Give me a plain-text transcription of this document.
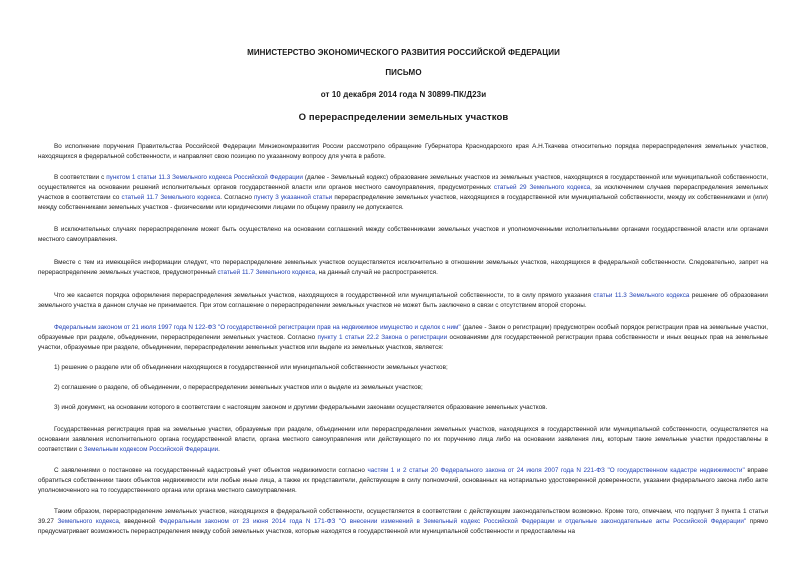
МИНИСТЕРСТВО ЭКОНОМИЧЕСКОГО РАЗВИТИЯ РОССИЙСКОЙ ФЕДЕРАЦИИ
ПИСЬМО
от 10 декабря 2014 года N 30899-ПК/Д23и
О перераспределении земельных участков

Во исполнение поручения Правительства Российской Федерации Минэкономразвития России рассмотрело обращение Губернатора Краснодарского края А.Н.Ткачева относительно порядка перераспределения земельных участков, находящихся в федеральной собственности, и направляет свою позицию по указанному вопросу для учета в работе.

В соответствии с пунктом 1 статьи 11.3 Земельного кодекса Российской Федерации (далее - Земельный кодекс) образование земельных участков из земельных участков, находящихся в государственной или муниципальной собственности, осуществляется на основании решений исполнительных органов государственной власти или органов местного самоуправления, предусмотренных статьей 29 Земельного кодекса, за исключением случаев перераспределения земельных участков в соответствии со статьей 11.7 Земельного кодекса. Согласно пункту 3 указанной статьи перераспределение земельных участков, находящихся в государственной или муниципальной собственности, между их собственниками и (или) между собственниками земельных участков - физическими или юридическими лицами по общему правилу не допускается.

В исключительных случаях перераспределение может быть осуществлено на основании соглашений между собственниками земельных участков и уполномоченными исполнительными органами государственной власти или органами местного самоуправления.

Вместе с тем из имеющейся информации следует, что перераспределение земельных участков осуществляется исключительно в отношении земельных участков, находящихся в федеральной собственности. Следовательно, запрет на перераспределение земельных участков, предусмотренный статьей 11.7 Земельного кодекса, на данный случай не распространяется.

Что же касается порядка оформления перераспределения земельных участков, находящихся в государственной или муниципальной собственности, то в силу прямого указания статьи 11.3 Земельного кодекса решение об образовании земельного участка в данном случае не принимается. При этом соглашение о перераспределении земельных участков не может быть заключено в связи с отсутствием второй стороны.

Федеральным законом от 21 июля 1997 года N 122-ФЗ "О государственной регистрации прав на недвижимое имущество и сделок с ним" (далее - Закон о регистрации) предусмотрен особый порядок регистрации прав на земельные участки, образуемые при разделе, объединении, перераспределении земельных участков. Согласно пункту 1 статьи 22.2 Закона о регистрации основаниями для государственной регистрации права собственности и иных вещных прав на земельные участки, образуемые при разделе, объединении, перераспределении земельных участков или выделе из земельных участков, является:

1) решение о разделе или об объединении находящихся в государственной или муниципальной собственности земельных участков;

2) соглашение о разделе, об объединении, о перераспределении земельных участков или о выделе из земельных участков;

3) иной документ, на основании которого в соответствии с настоящим законом и другими федеральными законами осуществляется образование земельных участков.

Государственная регистрация прав на земельные участки, образуемые при разделе, объединении или перераспределении земельных участков, находящихся в государственной или муниципальной собственности, осуществляется на основании заявления исполнительного органа государственной власти, органа местного самоуправления или действующего по их поручению лица либо на основании заявления лиц, которым такие земельные участки предоставлены в соответствии с Земельным кодексом Российской Федерации.

С заявлениями о постановке на государственный кадастровый учет объектов недвижимости согласно частям 1 и 2 статьи 20 Федерального закона от 24 июля 2007 года N 221-ФЗ "О государственном кадастре недвижимости" вправе обратиться собственники таких объектов недвижимости или любые иные лица, а также их представители, действующие в силу полномочий, основанных на нотариально удостоверенной доверенности, указании федерального закона либо акте уполномоченного на то государственного органа или органа местного самоуправления.

Таким образом, перераспределение земельных участков, находящихся в федеральной собственности, осуществляется в соответствии с действующим законодательством возможно. Кроме того, отмечаем, что подпункт 3 пункта 1 статьи 39.27 Земельного кодекса, введенной Федеральным законом от 23 июня 2014 года N 171-ФЗ "О внесении изменений в Земельный кодекс Российской Федерации и отдельные законодательные акты Российской Федерации" прямо предусматривает возможность перераспределения между собой земельных участков, которые находятся в государственной или муниципальной собственности и предоставлены на
